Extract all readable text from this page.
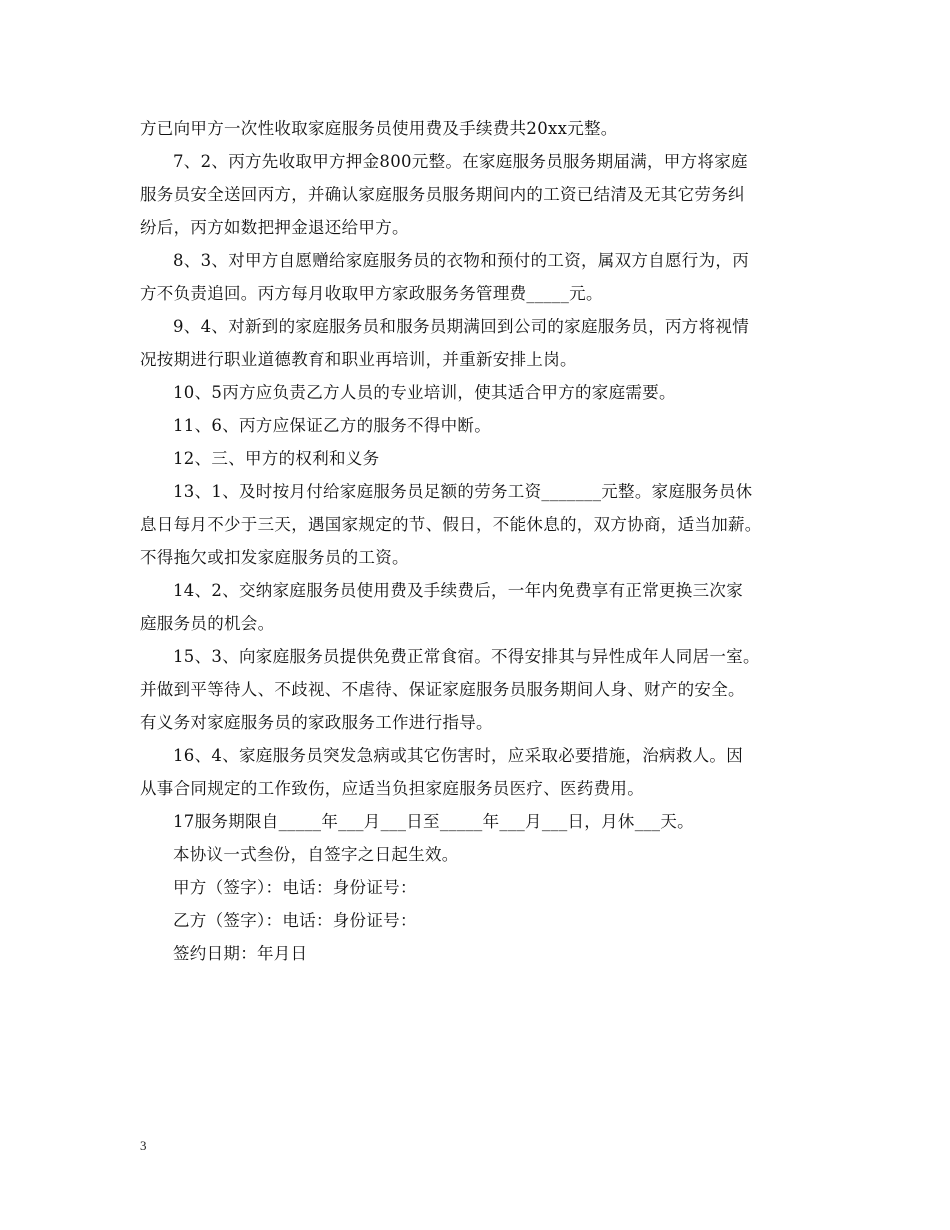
方已向甲方一次性收取家庭服务员使用费及手续费共20xx元整。
7、2、丙方先收取甲方押金800元整。在家庭服务员服务期届满，甲方将家庭
服务员安全送回丙方，并确认家庭服务员服务期间内的工资已结清及无其它劳务纠
纷后，丙方如数把押金退还给甲方。
8、3、对甲方自愿赠给家庭服务员的衣物和预付的工资，属双方自愿行为，丙
方不负责追回。丙方每月收取甲方家政服务务管理费_____元。
9、4、对新到的家庭服务员和服务员期满回到公司的家庭服务员，丙方将视情
况按期进行职业道德教育和职业再培训，并重新安排上岗。
10、5丙方应负责乙方人员的专业培训，使其适合甲方的家庭需要。
11、6、丙方应保证乙方的服务不得中断。
12、三、甲方的权利和义务
13、1、及时按月付给家庭服务员足额的劳务工资_______元整。家庭服务员休
息日每月不少于三天，遇国家规定的节、假日，不能休息的，双方协商，适当加薪。
不得拖欠或扣发家庭服务员的工资。
14、2、交纳家庭服务员使用费及手续费后，一年内免费享有正常更换三次家
庭服务员的机会。
15、3、向家庭服务员提供免费正常食宿。不得安排其与异性成年人同居一室。
并做到平等待人、不歧视、不虐待、保证家庭服务员服务期间人身、财产的安全。
有义务对家庭服务员的家政服务工作进行指导。
16、4、家庭服务员突发急病或其它伤害时，应采取必要措施，治病救人。因
从事合同规定的工作致伤，应适当负担家庭服务员医疗、医药费用。
17服务期限自_____年___月___日至_____年___月___日，月休___天。
本协议一式叁份，自签字之日起生效。
甲方（签字）：电话：身份证号：
乙方（签字）：电话：身份证号：
签约日期：年月日
3
